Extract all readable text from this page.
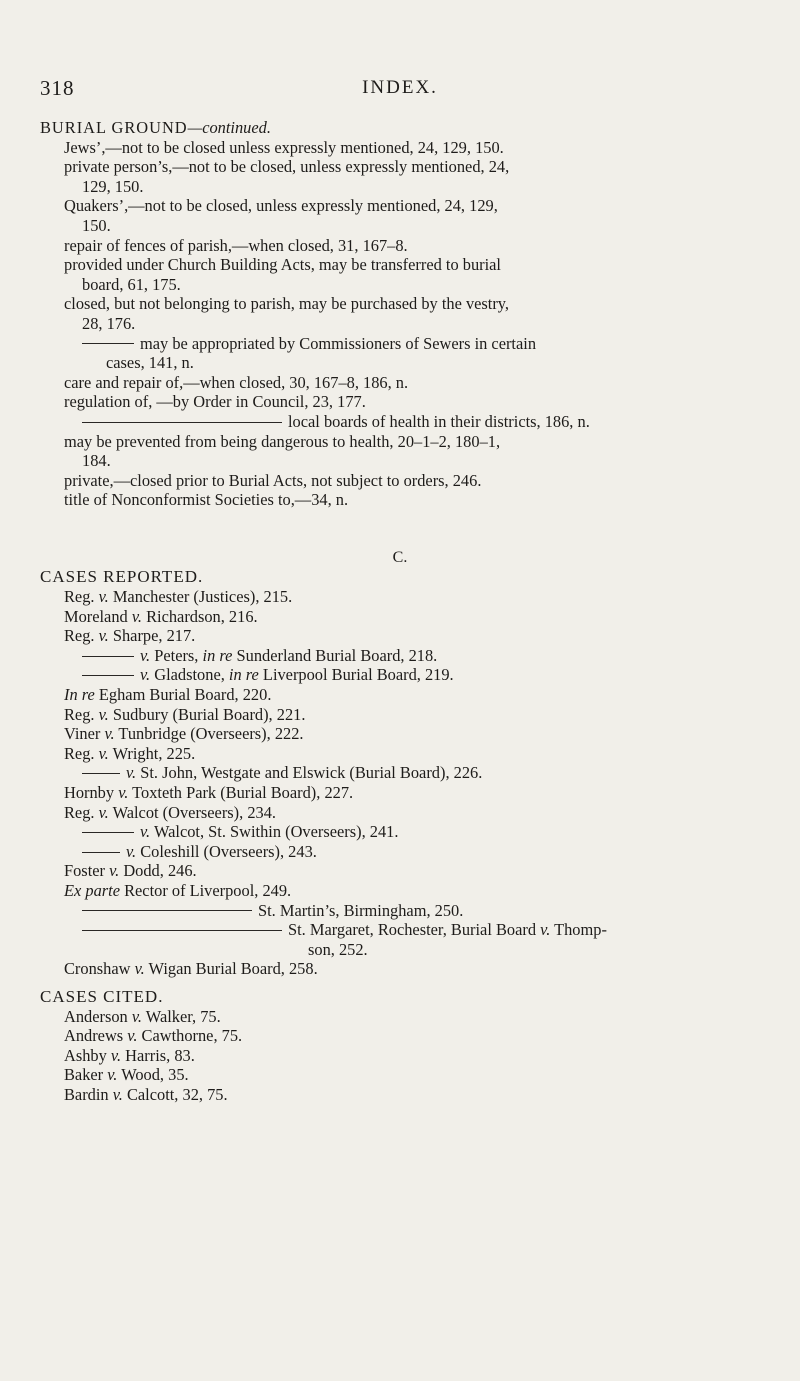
318	INDEX.
BURIAL GROUND—continued.
Jews’,—not to be closed unless expressly mentioned, 24, 129, 150.
private person’s,—not to be closed, unless expressly mentioned, 24,
129, 150.
Quakers’,—not to be closed, unless expressly mentioned, 24, 129,
150.
repair of fences of parish,—when closed, 31, 167–8.
provided under Church Building Acts, may be transferred to burial
board, 61, 175.
closed, but not belonging to parish, may be purchased by the vestry,
28, 176.
may be appropriated by Commissioners of Sewers in certain
cases, 141, n.
care and repair of,—when closed, 30, 167–8, 186, n.
regulation of, —by Order in Council, 23, 177.
local boards of health in their districts, 186, n.
may be prevented from being dangerous to health, 20–1–2, 180–1,
184.
private,—closed prior to Burial Acts, not subject to orders, 246.
title of Nonconformist Societies to,—34, n.
C.
CASES REPORTED.
Reg. v. Manchester (Justices), 215.
Moreland v. Richardson, 216.
Reg. v. Sharpe, 217.
v. Peters, in re Sunderland Burial Board, 218.
v. Gladstone, in re Liverpool Burial Board, 219.
In re Egham Burial Board, 220.
Reg. v. Sudbury (Burial Board), 221.
Viner v. Tunbridge (Overseers), 222.
Reg. v. Wright, 225.
v. St. John, Westgate and Elswick (Burial Board), 226.
Hornby v. Toxteth Park (Burial Board), 227.
Reg. v. Walcot (Overseers), 234.
v. Walcot, St. Swithin (Overseers), 241.
v. Coleshill (Overseers), 243.
Foster v. Dodd, 246.
Ex parte Rector of Liverpool, 249.
St. Martin’s, Birmingham, 250.
St. Margaret, Rochester, Burial Board v. Thomp-
son, 252.
Cronshaw v. Wigan Burial Board, 258.
CASES CITED.
Anderson v. Walker, 75.
Andrews v. Cawthorne, 75.
Ashby v. Harris, 83.
Baker v. Wood, 35.
Bardin v. Calcott, 32, 75.
